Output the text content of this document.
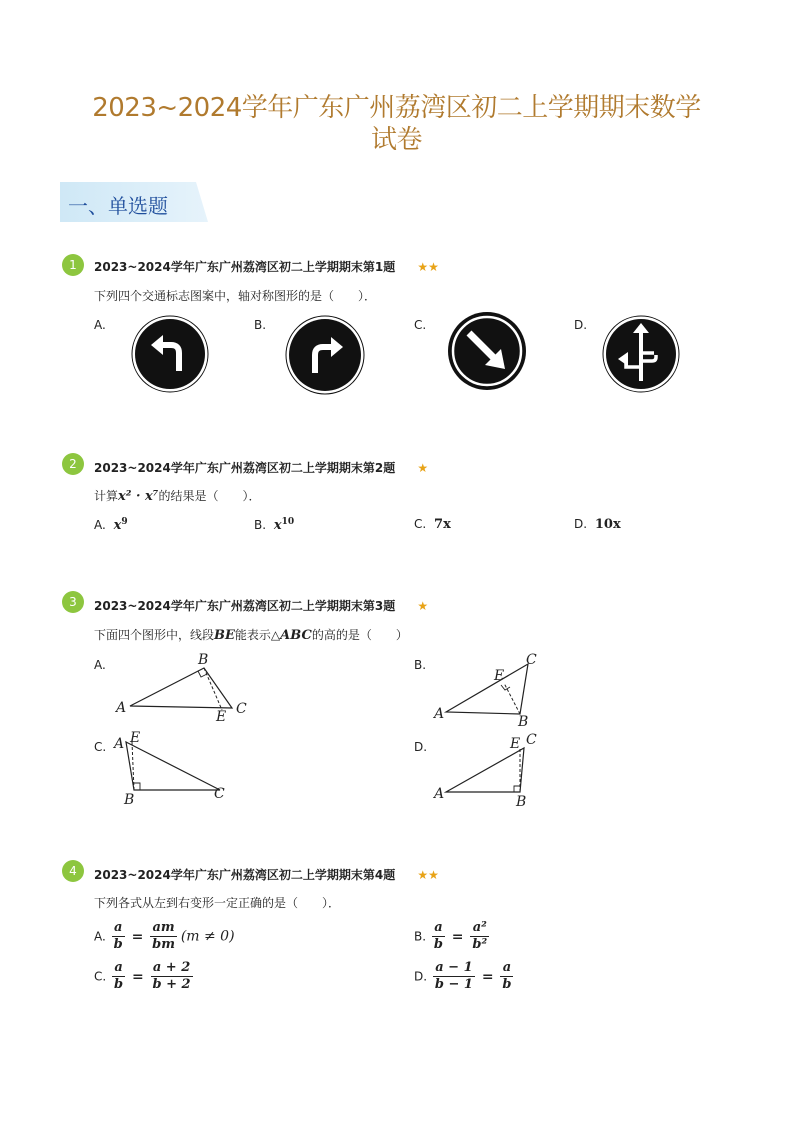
2023~2024学年广东广州荔湾区初二上学期期末数学
试卷
一、单选题
1	2023~2024学年广东广州荔湾区初二上学期期末第1题 ★★
下列四个交通标志图案中，轴对称图形的是（　　）．
A.	B.	C.	D.
2	2023~2024学年广东广州荔湾区初二上学期期末第2题 ★
计算x² · x⁷的结果是（　　）．
A. $x^9$	B. $x^{10}$	C. 7x	D. 10x
3	2023~2024学年广东广州荔湾区初二上学期期末第3题 ★
下面四个图形中，线段BE能表示△ABC的高的是（　　）
A.
A
B
C
E
B.
A	B
C
E
C. A
B	C
E
D.
A	B
C
E
4	2023~2024学年广东广州荔湾区初二上学期期末第4题 ★★
下列各式从左到右变形一定正确的是（　　）．
A. $\frac{a}{b} = \frac{am}{bm} (m \ne 0)$	B. $\frac{a}{b} = \frac{\text{a²}}{\text{b²}}$
C. $\frac{a}{b} = \frac{a + 2}{b + 2}$	D. $\frac{a - 1}{b - 1} = \frac{a}{b}$
